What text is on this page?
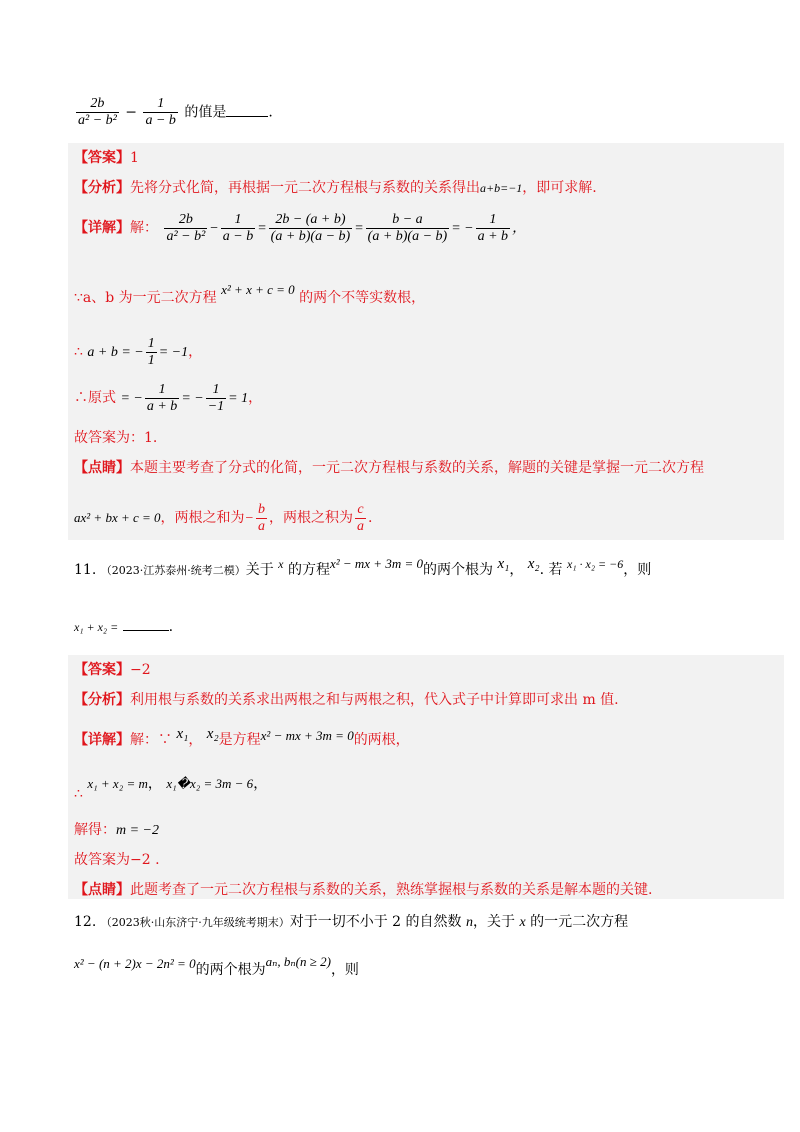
$\frac{2b}{\text{a² − b²}} - \frac{1}{a - b}$ 的值是	.
【答案】1
【分析】先将分式化简，再根据一元二次方程根与系数的关系得出a+b=−1，即可求解.
【详解】解： $\frac{2b}{\text{a² − b²}} - \frac{1}{a - b} = \frac{2b - (a + b)}{(a + b)(a - b)} = \frac{b - a}{(a + b)(a - b)}$ = − $\frac{1}{a + b}$ ，
∵a、b 为一元二次方程 x² + x + c = 0 的两个不等实数根，
∴ a + b = − $\frac{1}{1} = -1$，
∴原式 = − $\frac{1}{a + b}$ = − $\frac{1}{-1} = 1$，
故答案为：1.
【点睛】本题主要考查了分式的化简，一元二次方程根与系数的关系，解题的关键是掌握一元二次方程
ax² + bx + c = 0，两根之和为− $\frac{b}{a}$ ，两根之积为 $\frac{c}{a}$ .
11. （2023·江苏泰州·统考二模）关于 x 的方程x² − mx + 3m = 0的两个根为 x₁， x₂. 若 x₁ · x₂ = −6，则
x₁ + x₂ =	.
【答案】−2
【分析】利用根与系数的关系求出两根之和与两根之积，代入式子中计算即可求出 m 值.
【详解】解：∵ x₁， x₂是方程x² − mx + 3m = 0的两根，
∴ x₁ + x₂ = m， x₁�x₂ = 3m − 6，
解得：m = −2
故答案为−2 .
【点睛】此题考查了一元二次方程根与系数的关系，熟练掌握根与系数的关系是解本题的关键.
12. （2023秋·山东济宁·九年级统考期末）对于一切不小于 2 的自然数 n，关于 x 的一元二次方程
x² − (n + 2)x − 2n² = 0的两个根为aₙ, bₙ(n ≥ 2)，则
